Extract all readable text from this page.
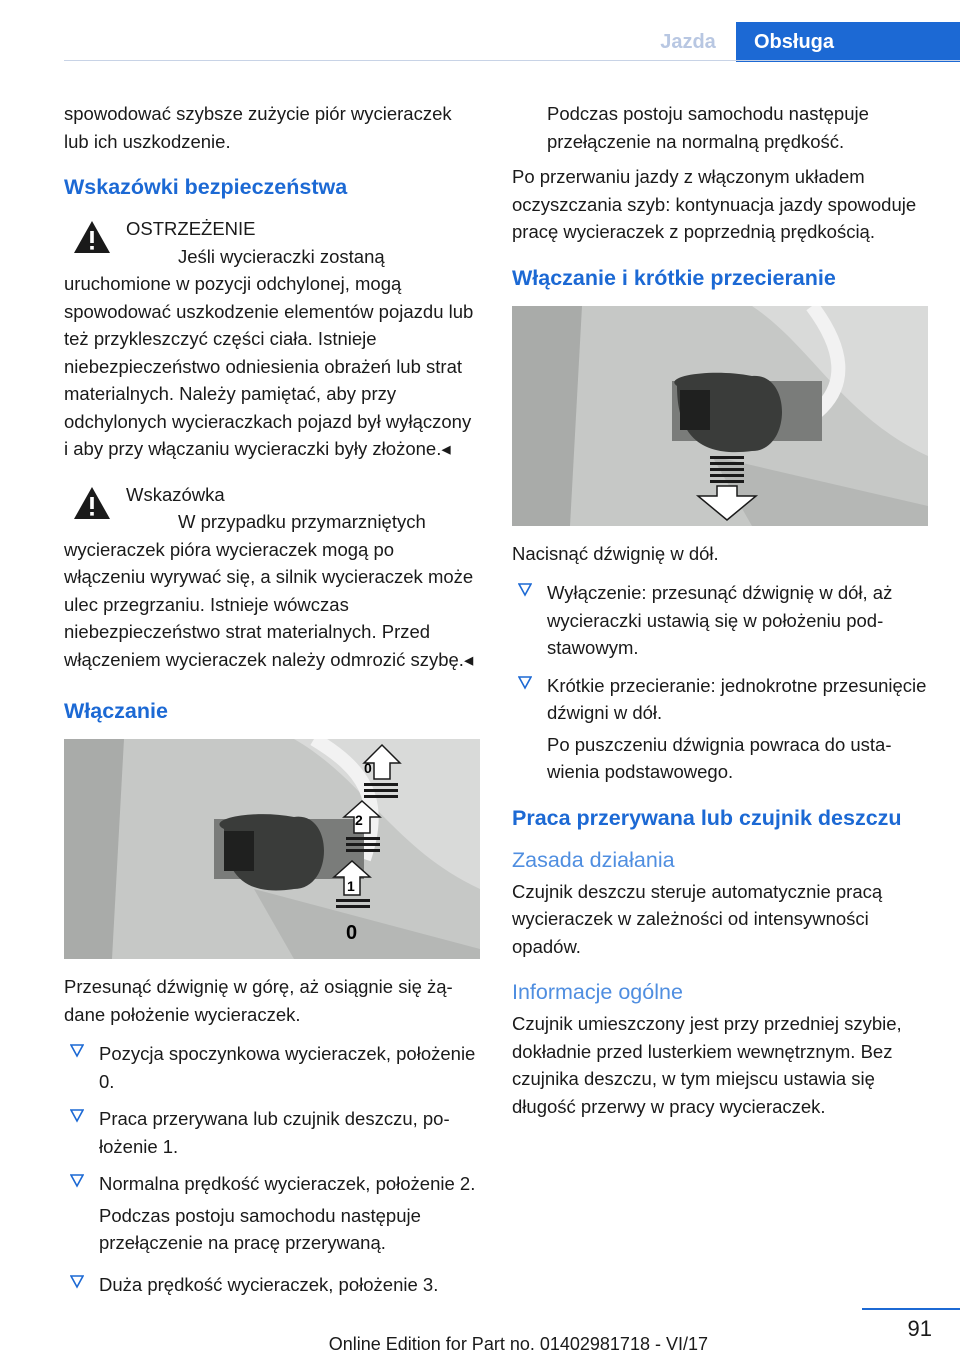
Jazda	Obsługa

spowodować szybsze zużycie piór wycieraczek lub ich uszkodzenie.

Wskazówki bezpieczeństwa

OSTRZEŻENIE

Jeśli wycieraczki zostaną uruchomione w pozycji odchylonej, mogą spowodować uszkodzenie elementów pojazdu lub też przykleszczyć części ciała. Istnieje niebezpieczeństwo odniesienia obrażeń lub strat materialnych. Należy pamiętać, aby przy odchylonych wycieraczkach pojazd był wyłączony i aby przy włączaniu wycieraczki były złożone.◂

Wskazówka

W przypadku przymarzniętych wycieraczek pióra wycieraczek mogą po włączeniu wyrywać się, a silnik wycieraczek może ulec przegrzaniu. Istnieje wówczas niebezpieczeństwo strat materialnych. Przed włączeniem wycieraczek należy odmrozić szybę.◂

Włączanie
0
2
1
0

Przesunąć dźwignię w górę, aż osiągnie się żądane położenie wycieraczek.

Pozycja spoczynkowa wycieraczek, położenie 0.
Praca przerywana lub czujnik deszczu, położenie 1.
Normalna prędkość wycieraczek, położenie 2.

Podczas postoju samochodu następuje przełączenie na pracę przerywaną.

Duża prędkość wycieraczek, położenie 3.

Podczas postoju samochodu następuje przełączenie na normalną prędkość.

Po przerwaniu jazdy z włączonym układem oczyszczania szyb: kontynuacja jazdy spowoduje pracę wycieraczek z poprzednią prędkością.

Włączanie i krótkie przecieranie

Nacisnąć dźwignię w dół.

Wyłączenie: przesunąć dźwignię w dół, aż wycieraczki ustawią się w położeniu podstawowym.
Krótkie przecieranie: jednokrotne przesunięcie dźwigni w dół.

Po puszczeniu dźwignia powraca do ustawienia podstawowego.

Praca przerywana lub czujnik deszczu
Zasada działania

Czujnik deszczu steruje automatycznie pracą wycieraczek w zależności od intensywności opadów.

Informacje ogólne

Czujnik umieszczony jest przy przedniej szybie, dokładnie przed lusterkiem wewnętrznym. Bez czujnika deszczu, w tym miejscu ustawia się długość przerwy w pracy wycieraczek.

91
Online Edition for Part no. 01402981718 - VI/17
